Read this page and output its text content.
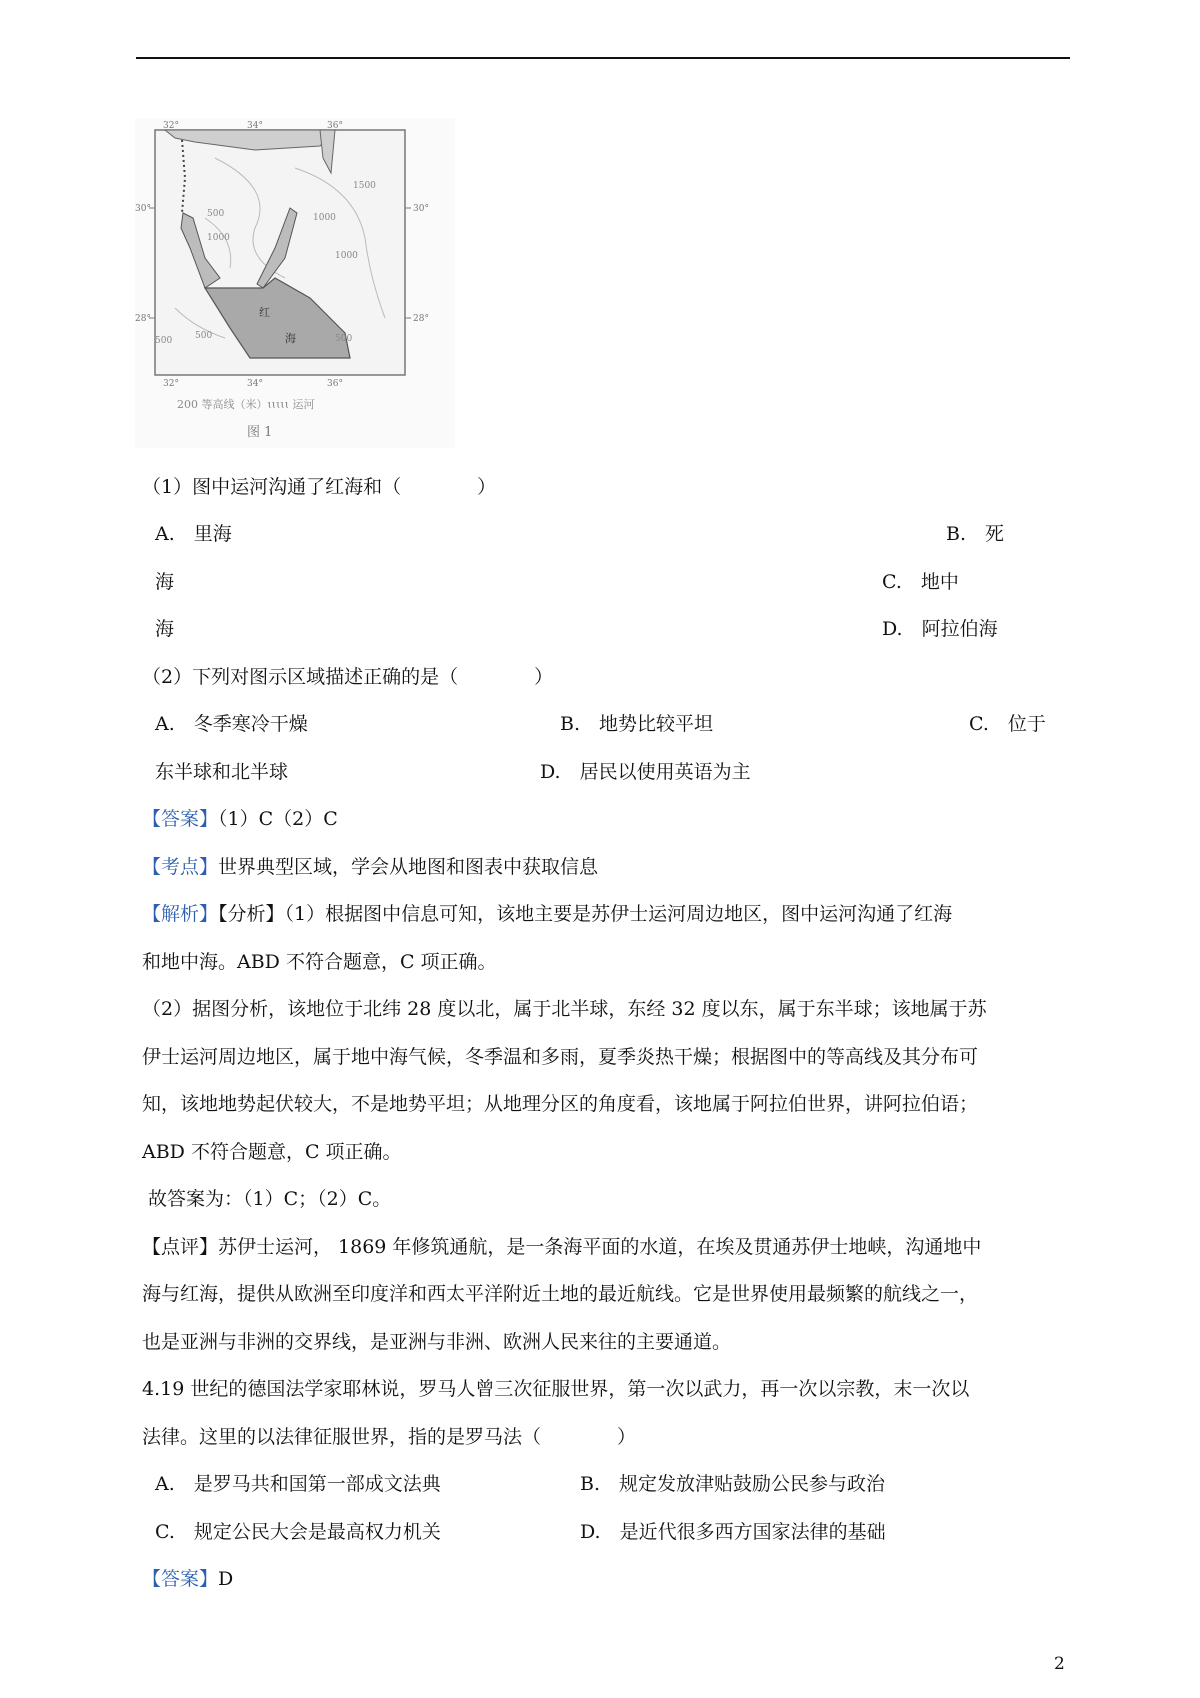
32°	34°	36°
32°	34°	36°
30°
28°
30°
28°
500
1000
1000
1500
1000
500	500
500
红
海
200 等高线（米）ɩɩɩɩɩ 运河
图 1
（1）图中运河沟通了红海和（　　　　）
A.　里海	B.　死
海	C.　地中
海	D.　阿拉伯海
（2）下列对图示区域描述正确的是（　　　　）
A.　冬季寒冷干燥	B.　地势比较平坦	C.　位于
东半球和北半球	D.　居民以使用英语为主
【答案】（1）C（2）C
【考点】世界典型区域，学会从地图和图表中获取信息
【解析】【分析】（1）根据图中信息可知，该地主要是苏伊士运河周边地区，图中运河沟通了红海
和地中海。ABD 不符合题意，C 项正确。
（2）据图分析，该地位于北纬 28 度以北，属于北半球，东经 32 度以东，属于东半球；该地属于苏
伊士运河周边地区，属于地中海气候，冬季温和多雨，夏季炎热干燥；根据图中的等高线及其分布可
知，该地地势起伏较大，不是地势平坦；从地理分区的角度看，该地属于阿拉伯世界，讲阿拉伯语；
ABD 不符合题意，C 项正确。
故答案为：（1）C；（2）C。
【点评】苏伊士运河， 1869 年修筑通航，是一条海平面的水道，在埃及贯通苏伊士地峡，沟通地中
海与红海，提供从欧洲至印度洋和西太平洋附近土地的最近航线。它是世界使用最频繁的航线之一，
也是亚洲与非洲的交界线，是亚洲与非洲、欧洲人民来往的主要通道。
4.19 世纪的德国法学家耶林说，罗马人曾三次征服世界，第一次以武力，再一次以宗教，末一次以
法律。这里的以法律征服世界，指的是罗马法（　　　　）
A.　是罗马共和国第一部成文法典	B.　规定发放津贴鼓励公民参与政治
C.　规定公民大会是最高权力机关	D.　是近代很多西方国家法律的基础
【答案】D
2
